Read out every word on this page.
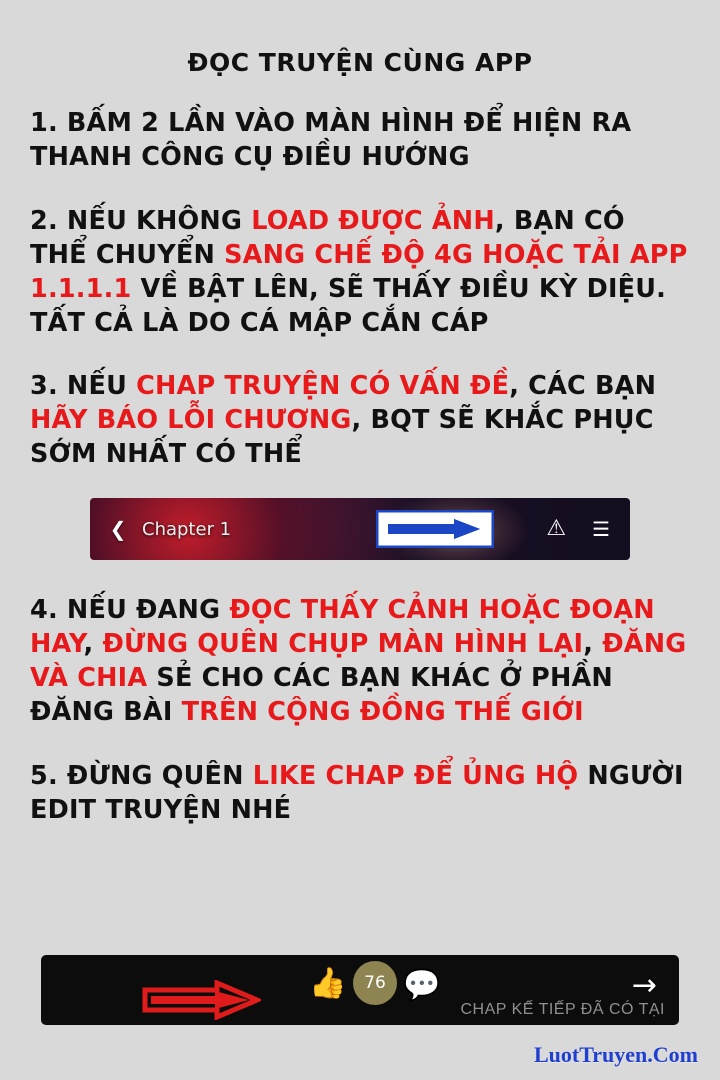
ĐỌC TRUYỆN CÙNG APP

1. BẤM 2 LẦN VÀO MÀN HÌNH ĐỂ HIỆN RA THANH CÔNG CỤ ĐIỀU HƯỚNG

2. NẾU KHÔNG LOAD ĐƯỢC ẢNH, BẠN CÓ THỂ CHUYỂN SANG CHẾ ĐỘ 4G HOẶC TẢI APP 1.1.1.1 VỀ BẬT LÊN, SẼ THẤY ĐIỀU KỲ DIỆU. TẤT CẢ LÀ DO CÁ MẬP CẮN CÁP

3. NẾU CHAP TRUYỆN CÓ VẤN ĐỀ, CÁC BẠN HÃY BÁO LỖI CHƯƠNG, BQT SẼ KHẮC PHỤC SỚM NHẤT CÓ THỂ

❮ Chapter 1	⚠ ☰

4. NẾU ĐANG ĐỌC THẤY CẢNH HOẶC ĐOẠN HAY, ĐỪNG QUÊN CHỤP MÀN HÌNH LẠI, ĐĂNG VÀ CHIA SẺ CHO CÁC BẠN KHÁC Ở PHẦN ĐĂNG BÀI TRÊN CỘNG ĐỒNG THẾ GIỚI

5. ĐỪNG QUÊN LIKE CHAP ĐỂ ỦNG HỘ NGƯỜI EDIT TRUYỆN NHÉ

👍	76 💬	→
CHAP KẾ TIẾP ĐÃ CÓ TẠI
LuotTruyen.Com
